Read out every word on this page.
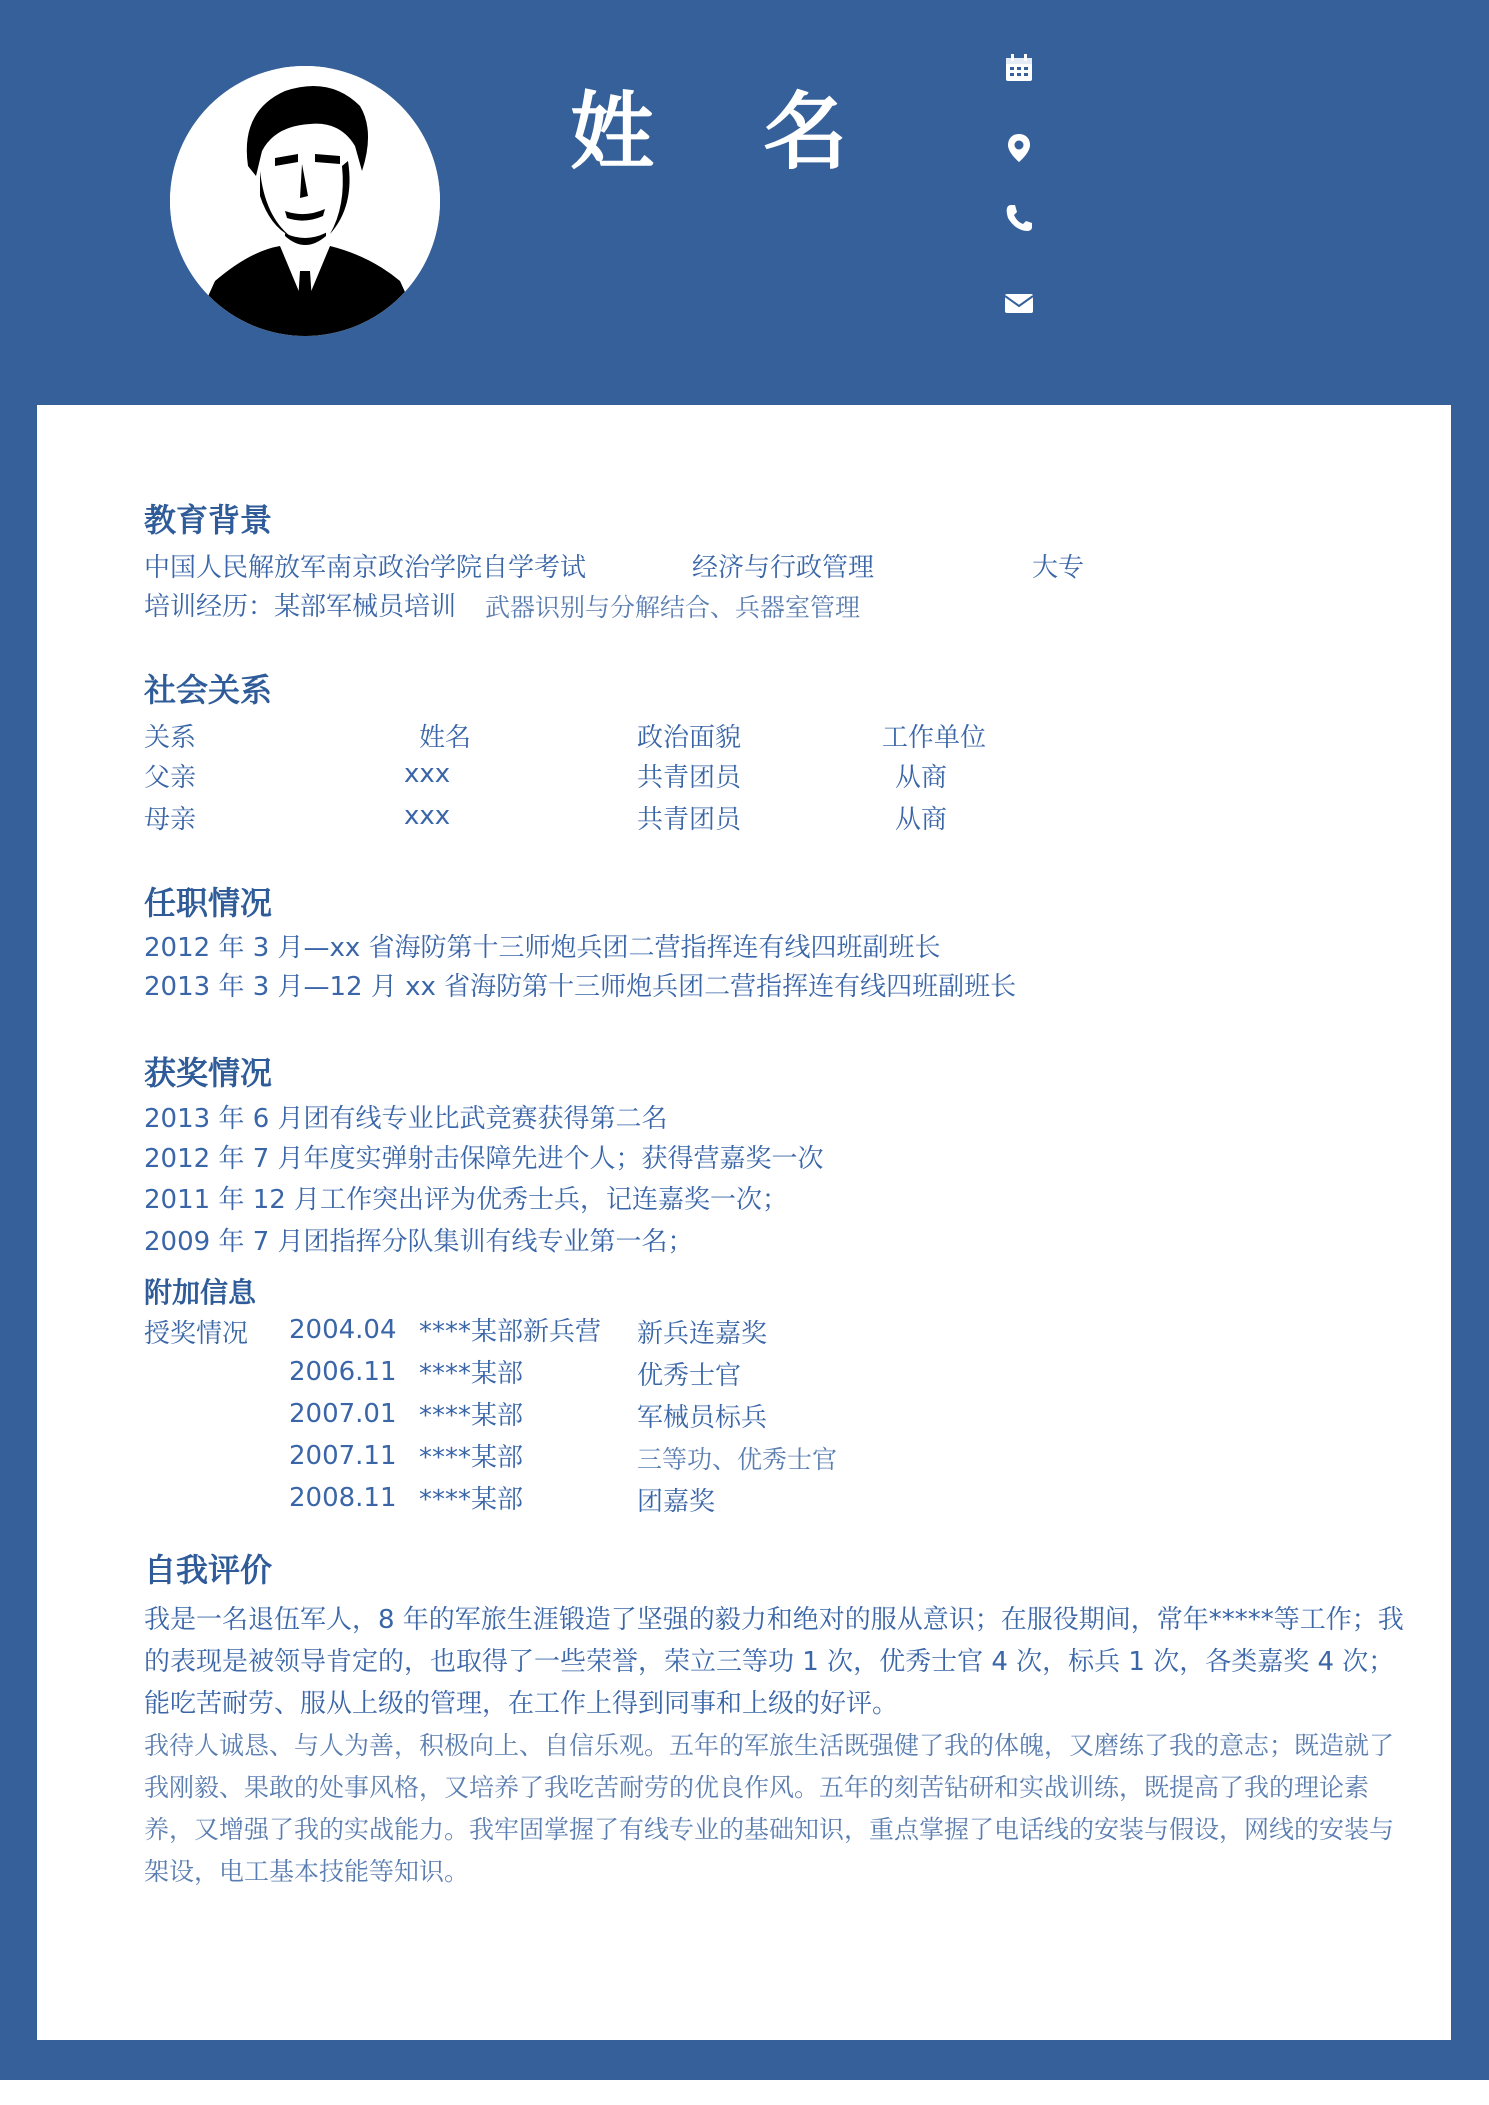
姓 名
教育背景
中国人民解放军南京政治学院自学考试	经济与行政管理	大专
培训经历：某部军械员培训 武器识别与分解结合、兵器室管理
社会关系
关系	姓名	政治面貌	工作单位
父亲	xxx	共青团员	从商
母亲	xxx	共青团员	从商
任职情况
2012 年 3 月—xx 省海防第十三师炮兵团二营指挥连有线四班副班长
2013 年 3 月—12 月 xx 省海防第十三师炮兵团二营指挥连有线四班副班长
获奖情况
2013 年 6 月团有线专业比武竞赛获得第二名
2012 年 7 月年度实弹射击保障先进个人；获得营嘉奖一次
2011 年 12 月工作突出评为优秀士兵，记连嘉奖一次；
2009 年 7 月团指挥分队集训有线专业第一名；
附加信息
授奖情况 2004.04 ****某部新兵营 新兵连嘉奖
2006.11 ****某部	优秀士官
2007.01 ****某部	军械员标兵
2007.11 ****某部	三等功、优秀士官
2008.11 ****某部	团嘉奖
自我评价
我是一名退伍军人，8 年的军旅生涯锻造了坚强的毅力和绝对的服从意识；在服役期间，常年*****等工作；我的表现是被领导肯定的，也取得了一些荣誉，荣立三等功 1 次，优秀士官 4 次，标兵 1 次，各类嘉奖 4 次；能吃苦耐劳、服从上级的管理，在工作上得到同事和上级的好评。
我待人诚恳、与人为善，积极向上、自信乐观。五年的军旅生活既强健了我的体魄，又磨练了我的意志；既造就了我刚毅、果敢的处事风格，又培养了我吃苦耐劳的优良作风。五年的刻苦钻研和实战训练，既提高了我的理论素养，又增强了我的实战能力。我牢固掌握了有线专业的基础知识，重点掌握了电话线的安装与假设，网线的安装与架设，电工基本技能等知识。
